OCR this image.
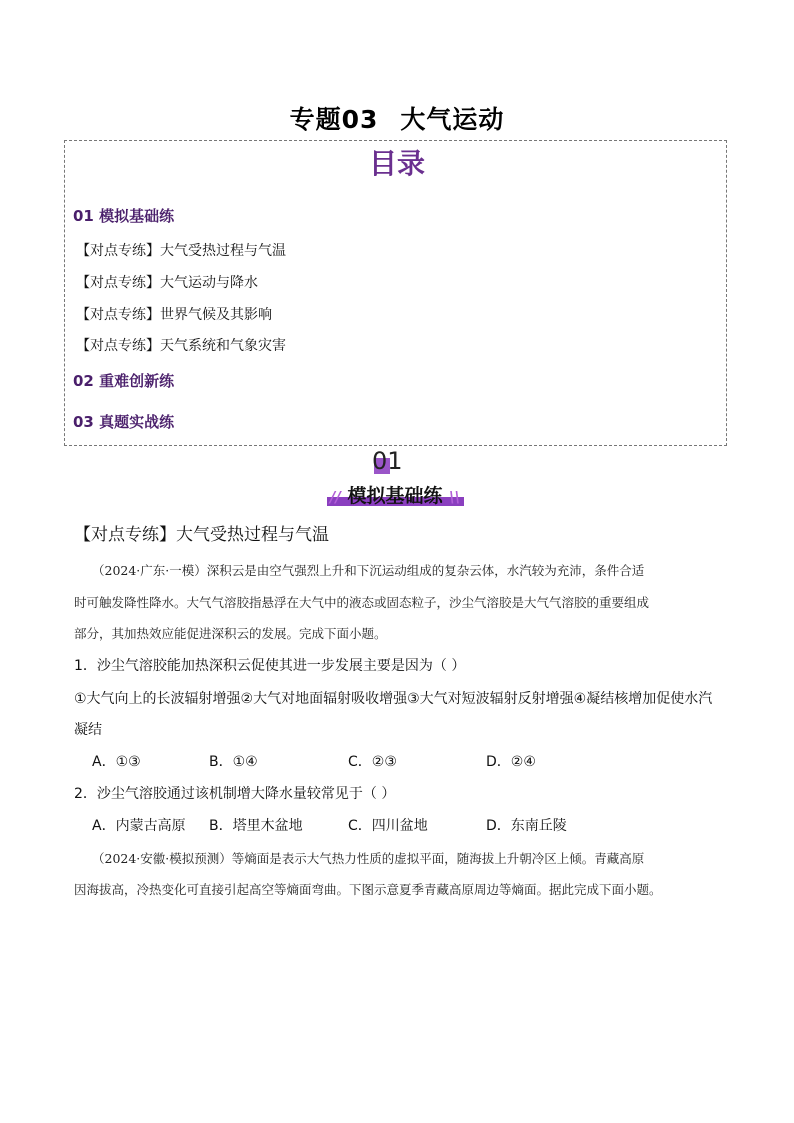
专题03 大气运动
目录
01 模拟基础练
【对点专练】大气受热过程与气温
【对点专练】大气运动与降水
【对点专练】世界气候及其影响
【对点专练】天气系统和气象灾害
02 重难创新练
03 真题实战练
01
// 模拟基础练 \\
【对点专练】大气受热过程与气温
（2024·广东·一模）深积云是由空气强烈上升和下沉运动组成的复杂云体，水汽较为充沛，条件合适
时可触发降性降水。大气气溶胶指悬浮在大气中的液态或固态粒子，沙尘气溶胶是大气气溶胶的重要组成
部分，其加热效应能促进深积云的发展。完成下面小题。
1．沙尘气溶胶能加热深积云促使其进一步发展主要是因为（ ）
①大气向上的长波辐射增强②大气对地面辐射吸收增强③大气对短波辐射反射增强④凝结核增加促使水汽
凝结
A．①③	B．①④	C．②③	D．②④
2．沙尘气溶胶通过该机制增大降水量较常见于（ ）
A．内蒙古高原 B．塔里木盆地	C．四川盆地	D．东南丘陵
（2024·安徽·模拟预测）等熵面是表示大气热力性质的虚拟平面，随海拔上升朝冷区上倾。青藏高原
因海拔高，冷热变化可直接引起高空等熵面弯曲。下图示意夏季青藏高原周边等熵面。据此完成下面小题。
